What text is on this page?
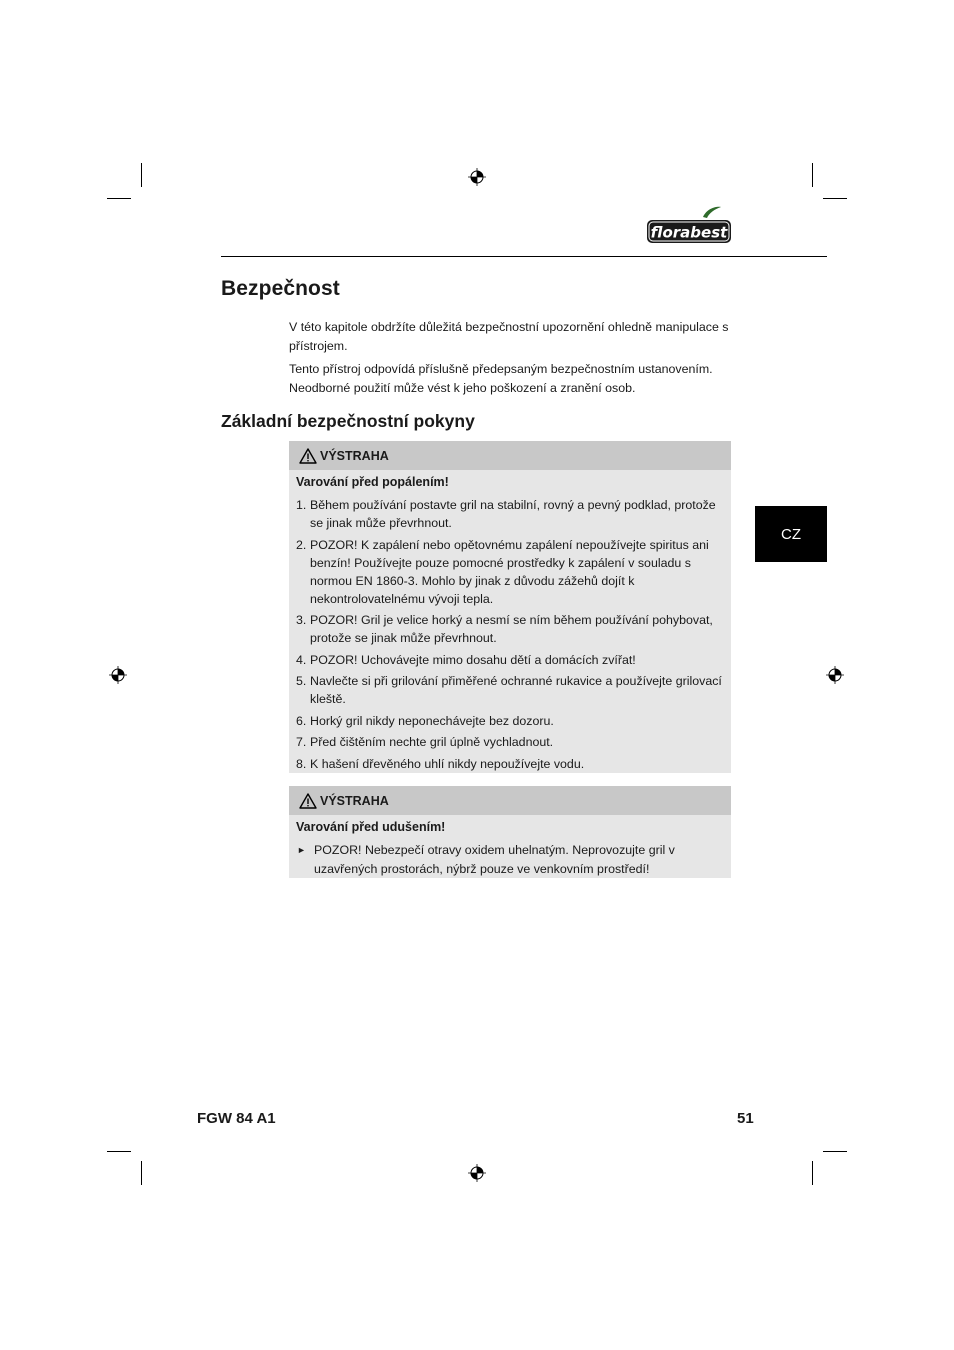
florabest
Bezpečnost

V této kapitole obdržíte důležitá bezpečnostní upozornění ohledně manipulace s přístrojem.

Tento přístroj odpovídá příslušně předepsaným bezpečnostním ustanovením. Neodborné použití může vést k jeho poškození a zranění osob.

Základní bezpečnostní pokyny
CZ
VÝSTRAHA
Varování před popálením!
1. Během používání postavte gril na stabilní, rovný a pevný podklad, protože se jinak může převrhnout.
2. POZOR! K zapálení nebo opětovnému zapálení nepoužívejte spiritus ani benzín! Používejte pouze pomocné prostředky k zapálení v souladu s normou EN 1860-3. Mohlo by jinak z důvodu zážehů dojít k nekontrolovatelnému vývoji tepla.
3. POZOR! Gril je velice horký a nesmí se ním během používání pohybovat, protože se jinak může převrhnout.
4. POZOR! Uchovávejte mimo dosahu dětí a domácích zvířat!
5. Navlečte si při grilování přiměřené ochranné rukavice a používejte grilovací kleště.
6. Horký gril nikdy neponechávejte bez dozoru.
7. Před čištěním nechte gril úplně vychladnout.
8. K hašení dřevěného uhlí nikdy nepoužívejte vodu.
VÝSTRAHA
Varování před udušením!
► POZOR! Nebezpečí otravy oxidem uhelnatým. Neprovozujte gril v uzavřených prostorách, nýbrž pouze ve venkovním prostředí!
FGW 84 A1	51
